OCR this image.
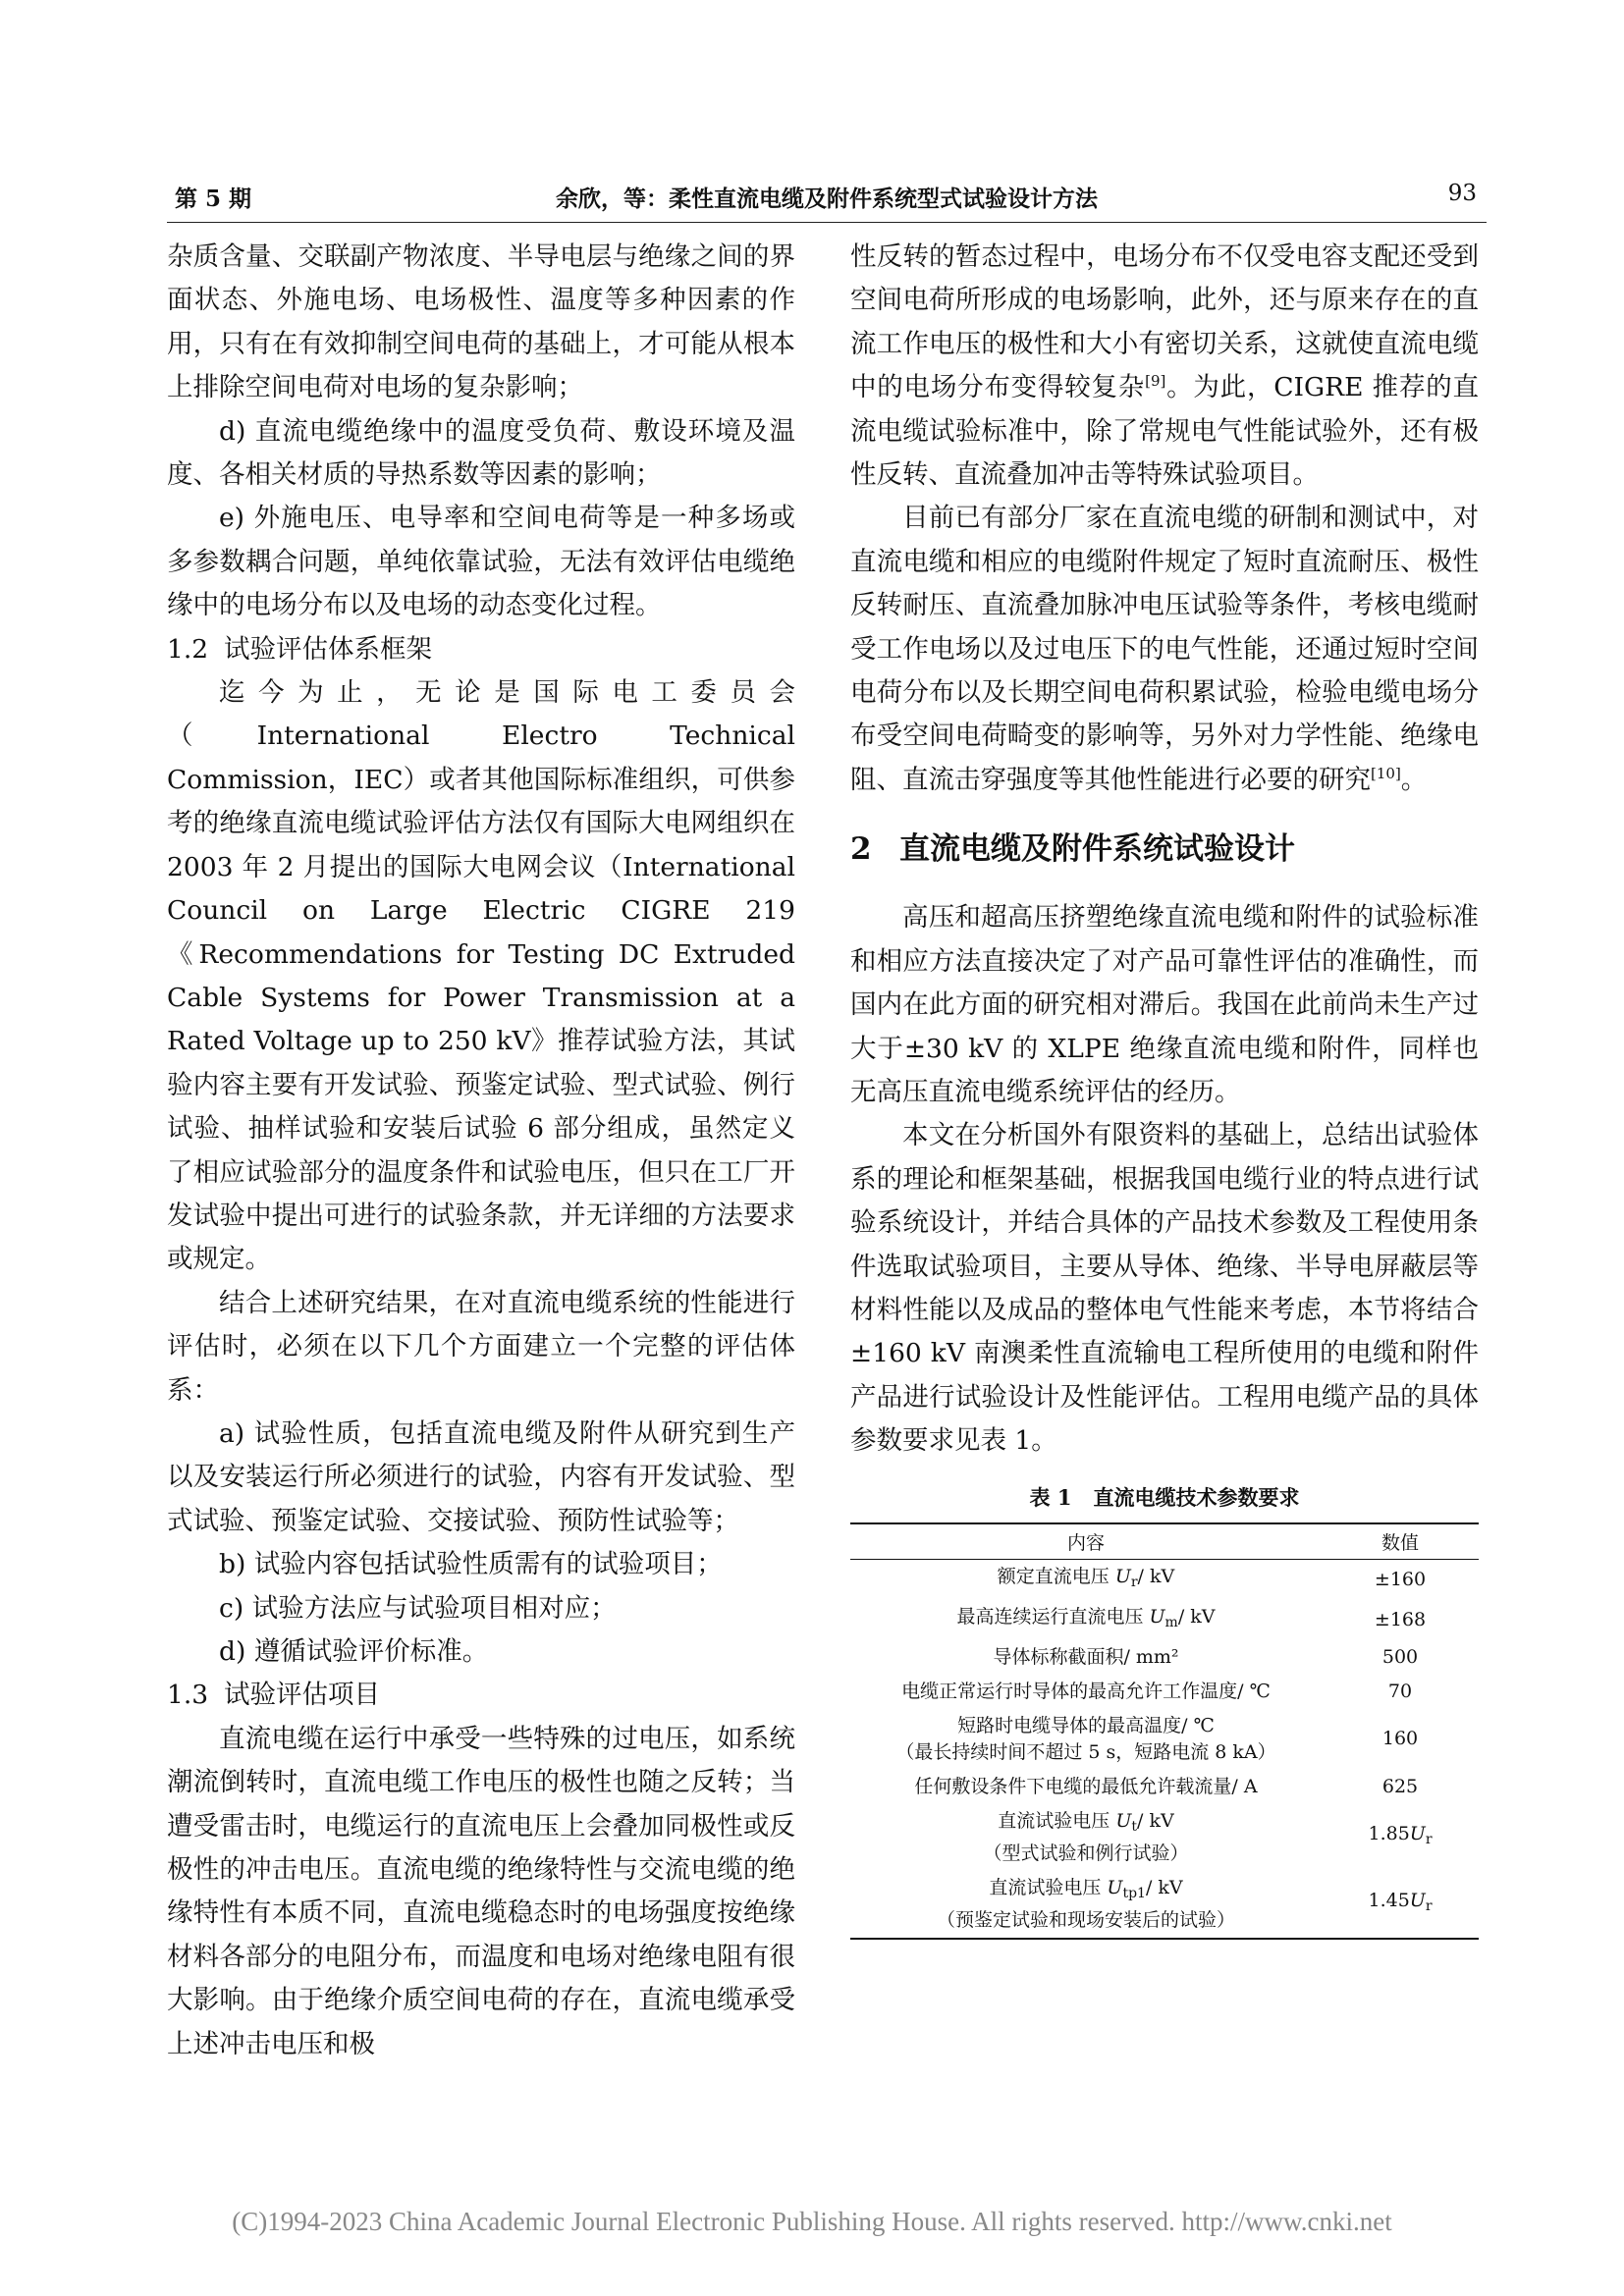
第 5 期	余欣，等：柔性直流电缆及附件系统型式试验设计方法	93

杂质含量、交联副产物浓度、半导电层与绝缘之间的界面状态、外施电场、电场极性、温度等多种因素的作用，只有在有效抑制空间电荷的基础上，才可能从根本上排除空间电荷对电场的复杂影响；

d) 直流电缆绝缘中的温度受负荷、敷设环境及温度、各相关材质的导热系数等因素的影响；

e) 外施电压、电导率和空间电荷等是一种多场或多参数耦合问题，单纯依靠试验，无法有效评估电缆绝缘中的电场分布以及电场的动态变化过程。

1.2 试验评估体系框架

迄今为止，无论是国际电工委员会（International Electro Technical Commission，IEC）或者其他国际标准组织，可供参考的绝缘直流电缆试验评估方法仅有国际大电网组织在 2003 年 2 月提出的国际大电网会议（International Council on Large Electric CIGRE 219《Recommendations for Testing DC Extruded Cable Systems for Power Transmission at a Rated Voltage up to 250 kV》推荐试验方法，其试验内容主要有开发试验、预鉴定试验、型式试验、例行试验、抽样试验和安装后试验 6 部分组成，虽然定义了相应试验部分的温度条件和试验电压，但只在工厂开发试验中提出可进行的试验条款，并无详细的方法要求或规定。

结合上述研究结果，在对直流电缆系统的性能进行评估时，必须在以下几个方面建立一个完整的评估体系：

a) 试验性质，包括直流电缆及附件从研究到生产以及安装运行所必须进行的试验，内容有开发试验、型式试验、预鉴定试验、交接试验、预防性试验等；

b) 试验内容包括试验性质需有的试验项目；

c) 试验方法应与试验项目相对应；

d) 遵循试验评价标准。

1.3 试验评估项目

直流电缆在运行中承受一些特殊的过电压，如系统潮流倒转时，直流电缆工作电压的极性也随之反转；当遭受雷击时，电缆运行的直流电压上会叠加同极性或反极性的冲击电压。直流电缆的绝缘特性与交流电缆的绝缘特性有本质不同，直流电缆稳态时的电场强度按绝缘材料各部分的电阻分布，而温度和电场对绝缘电阻有很大影响。由于绝缘介质空间电荷的存在，直流电缆承受上述冲击电压和极

性反转的暂态过程中，电场分布不仅受电容支配还受到空间电荷所形成的电场影响，此外，还与原来存在的直流工作电压的极性和大小有密切关系，这就使直流电缆中的电场分布变得较复杂[9]。为此，CIGRE 推荐的直流电缆试验标准中，除了常规电气性能试验外，还有极性反转、直流叠加冲击等特殊试验项目。

目前已有部分厂家在直流电缆的研制和测试中，对直流电缆和相应的电缆附件规定了短时直流耐压、极性反转耐压、直流叠加脉冲电压试验等条件，考核电缆耐受工作电场以及过电压下的电气性能，还通过短时空间电荷分布以及长期空间电荷积累试验，检验电缆电场分布受空间电荷畸变的影响等，另外对力学性能、绝缘电阻、直流击穿强度等其他性能进行必要的研究[10]。

2 直流电缆及附件系统试验设计

高压和超高压挤塑绝缘直流电缆和附件的试验标准和相应方法直接决定了对产品可靠性评估的准确性，而国内在此方面的研究相对滞后。我国在此前尚未生产过大于±30 kV 的 XLPE 绝缘直流电缆和附件，同样也无高压直流电缆系统评估的经历。

本文在分析国外有限资料的基础上，总结出试验体系的理论和框架基础，根据我国电缆行业的特点进行试验系统设计，并结合具体的产品技术参数及工程使用条件选取试验项目，主要从导体、绝缘、半导电屏蔽层等材料性能以及成品的整体电气性能来考虑，本节将结合±160 kV 南澳柔性直流输电工程所使用的电缆和附件产品进行试验设计及性能评估。工程用电缆产品的具体参数要求见表 1。

表 1 直流电缆技术参数要求
内容	数值
额定直流电压 $U_r/$ kV	±160
最高连续运行直流电压 $U_m/$ kV	±168
导体标称截面积/ mm²	500
电缆正常运行时导体的最高允许工作温度/ ℃	70
短路时电缆导体的最高温度/ ℃
（最长持续时间不超过 5 s，短路电流 8 kA）	160
任何敷设条件下电缆的最低允许载流量/ A	625
直流试验电压 $U_t/$ kV
（型式试验和例行试验）	$1.85U_r$
直流试验电压 $U_{tp1}/$ kV
（预鉴定试验和现场安装后的试验）	$1.45U_r$
(C)1994-2023 China Academic Journal Electronic Publishing House. All rights reserved. http://www.cnki.net
